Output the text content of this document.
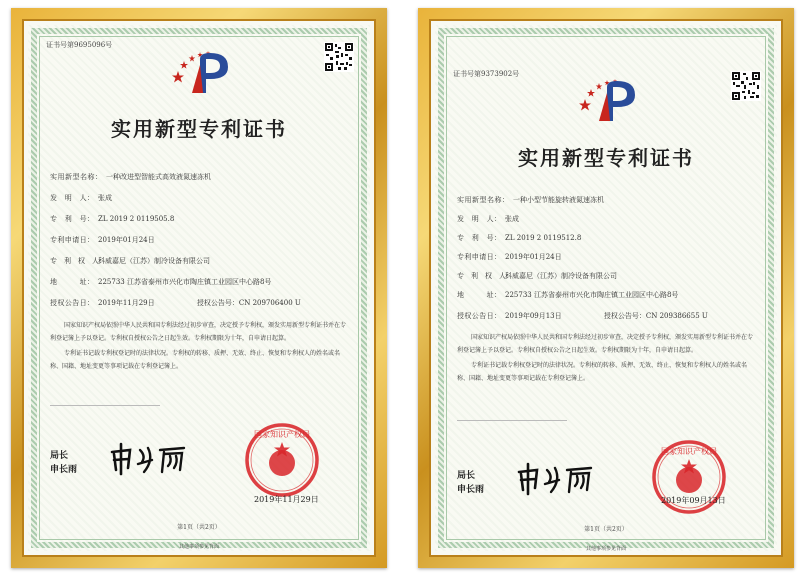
证书号第9695096号
实用新型专利证书
实用新型名称： 一种改进型智能式高效液氮速冻机
发　明　人： 张成
专　利　号： ZL 2019 2 0119505.8
专利申请日： 2019年01月24日
专　利　权　人：科威嘉尼（江苏）制冷设备有限公司
地　　　址： 225733 江苏省泰州市兴化市陶庄镇工业园区中心路8号
授权公告日： 2019年11月29日	授权公告号：CN 209706400 U

国家知识产权局依照中华人民共和国专利法经过初步审查，决定授予专利权，颁发实用新型专利证书并在专利登记簿上予以登记。专利权自授权公告之日起生效。专利权期限为十年，自申请日起算。

专利证书记载专利权登记时的法律状况。专利权的转移、质押、无效、终止、恢复和专利权人的姓名或名称、国籍、地址变更等事项记载在专利登记簿上。

局长
申长雨
国家知识产权局
2019年11月29日
第1页（共2页）
其他事项参见背面
证书号第9373902号
实用新型专利证书
实用新型名称： 一种小型节能旋转液氮速冻机
发　明　人： 张成
专　利　号： ZL 2019 2 0119512.8
专利申请日： 2019年01月24日
专　利　权　人：科威嘉尼（江苏）制冷设备有限公司
地　　　址： 225733 江苏省泰州市兴化市陶庄镇工业园区中心路8号
授权公告日： 2019年09月13日	授权公告号：CN 209386655 U

国家知识产权局依照中华人民共和国专利法经过初步审查，决定授予专利权，颁发实用新型专利证书并在专利登记簿上予以登记。专利权自授权公告之日起生效。专利权期限为十年，自申请日起算。

专利证书记载专利权登记时的法律状况。专利权的转移、质押、无效、终止、恢复和专利权人的姓名或名称、国籍、地址变更等事项记载在专利登记簿上。

局长
申长雨
国家知识产权局
2019年09月13日
第1页（共2页）
其他事项参见背面
